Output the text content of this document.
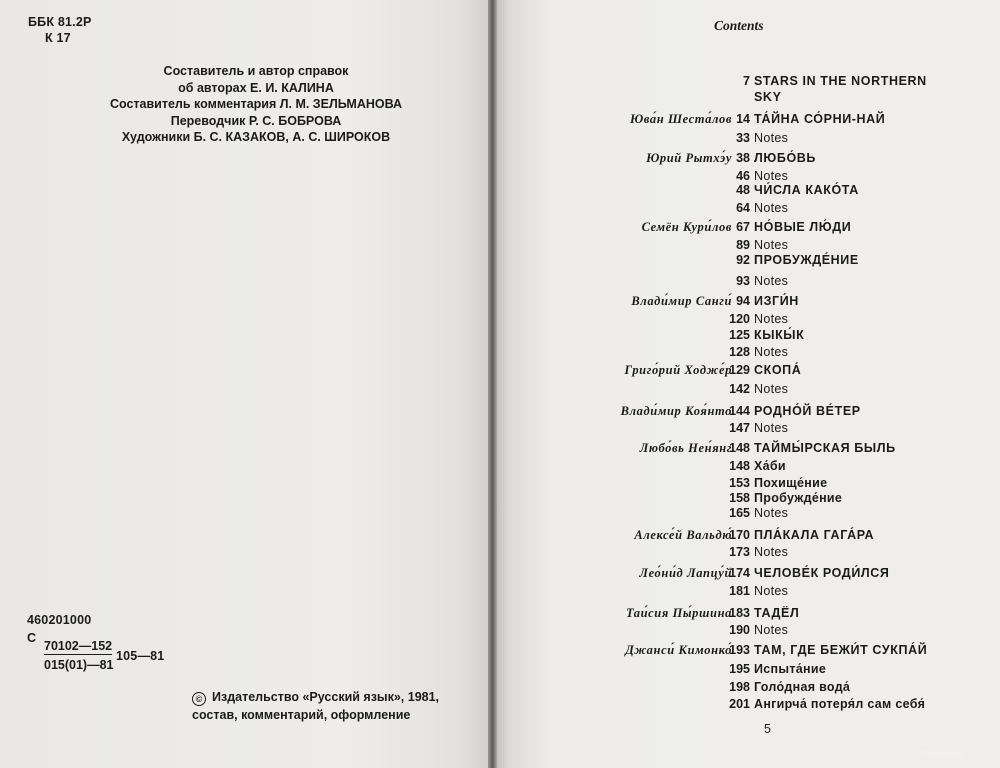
ББК 81.2Р
К 17
Составитель и автор справок
об авторах Е. И. КАЛИНА
Составитель комментария Л. М. ЗЕЛЬМАНОВА
Переводчик Р. С. БОБРОВА
Художники Б. С. КАЗАКОВ, А. С. ШИРОКОВ
460201000
С
70102—152
015(01)—81
105—81
© Издательство «Русский язык», 1981,
состав, комментарий, оформление
Contents
7 STARS IN THE NORTHERN
SKY
Юва́н Шеста́лов 14 ТА́ЙНА СО́РНИ-НАЙ
33 Notes
Юрий Рытхэ́у 38 ЛЮБО́ВЬ
46 Notes
48 ЧИ́СЛА КАКО́ТА
64 Notes
Семён Кури́лов 67 НО́ВЫЕ ЛЮ́ДИ
89 Notes
92 ПРОБУЖДЕ́НИЕ
93 Notes
Влади́мир Санги́ 94 ИЗГИ́Н
120 Notes
125 КЫКЫ́К
128 Notes
Григо́рий Ходже́р
129 СКОПА́
142 Notes
Влади́мир Коя́нто
144 РОДНО́Й ВЕ́ТЕР
147 Notes
Любо́вь Нен́янг
148 ТАЙМЫ́РСКАЯ БЫЛЬ
148 Ха́би
153 Похище́ние
158 Пробужде́ние
165 Notes
Алексе́й Вальдю́
170 ПЛА́КАЛА ГАГА́РА
173 Notes
Лео́ни́д Лапцу́й
174 ЧЕЛОВЕ́К РОДИ́ЛСЯ
181 Notes
Таи́сия Пы́ршина
183 ТАДЁЛ
190 Notes
Джанси́ Кимонко́
193 ТАМ, ГДЕ БЕЖИ́Т СУКПА́Й
195 Испыта́ние
198 Голо́дная вода́
201 Ангирча́ потеря́л сам себя́
5
www.ay.by
